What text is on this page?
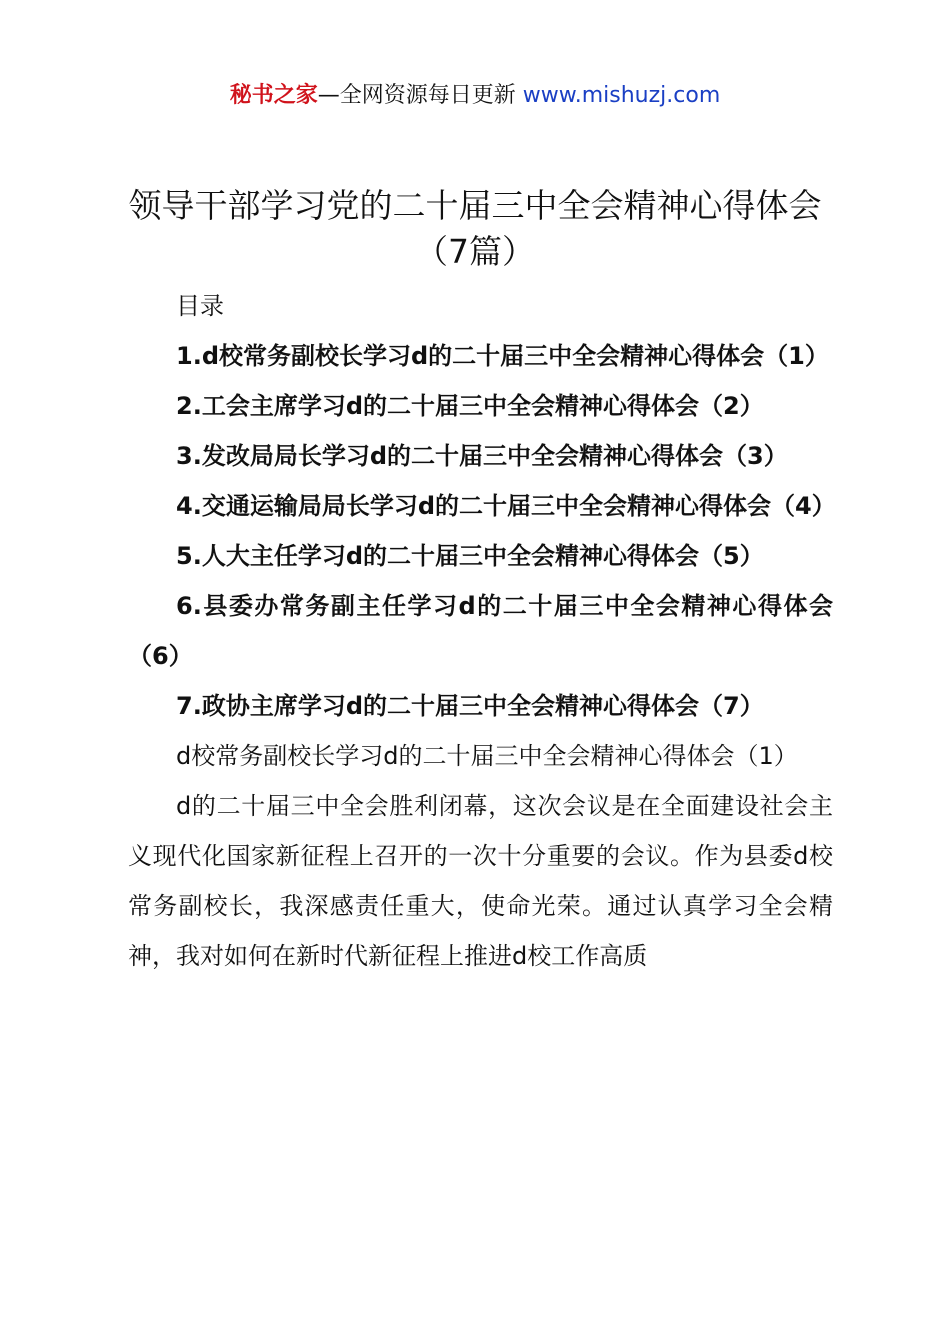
秘书之家—全网资源每日更新 www.mishuzj.com
领导干部学习党的二十届三中全会精神心得体会（7篇）

目录

1.d校常务副校长学习d的二十届三中全会精神心得体会（1）

2.工会主席学习d的二十届三中全会精神心得体会（2）

3.发改局局长学习d的二十届三中全会精神心得体会（3）

4.交通运输局局长学习d的二十届三中全会精神心得体会（4）

5.人大主任学习d的二十届三中全会精神心得体会（5）

6.县委办常务副主任学习d的二十届三中全会精神心得体会（6）

7.政协主席学习d的二十届三中全会精神心得体会（7）

d校常务副校长学习d的二十届三中全会精神心得体会（1）

d的二十届三中全会胜利闭幕，这次会议是在全面建设社会主义现代化国家新征程上召开的一次十分重要的会议。作为县委d校常务副校长，我深感责任重大，使命光荣。通过认真学习全会精神，我对如何在新时代新征程上推进d校工作高质
